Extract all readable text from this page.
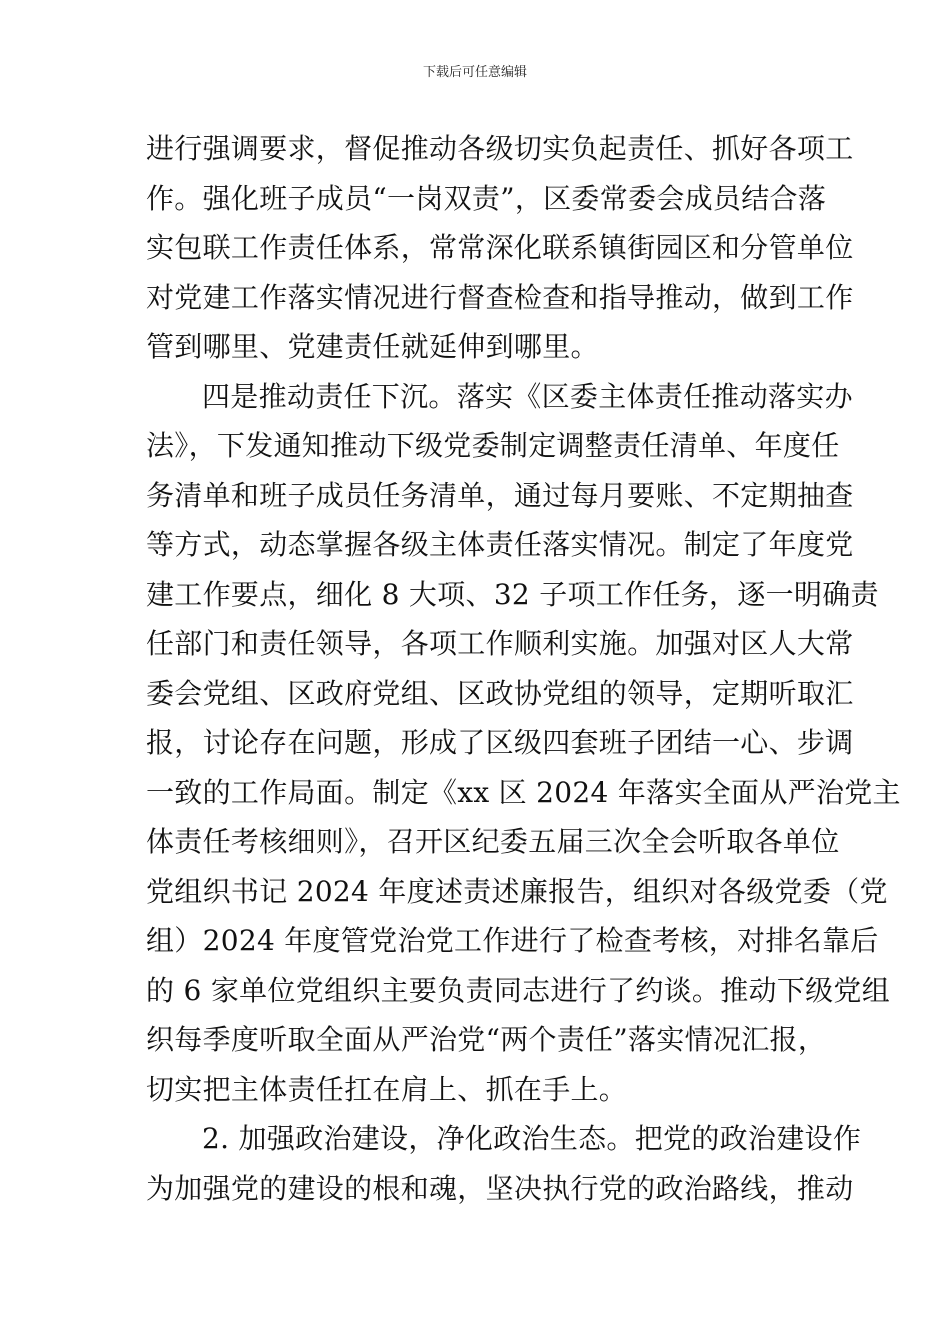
下载后可任意编辑
进行强调要求，督促推动各级切实负起责任、抓好各项工
作。强化班子成员“一岗双责”，区委常委会成员结合落
实包联工作责任体系，常常深化联系镇街园区和分管单位
对党建工作落实情况进行督查检查和指导推动，做到工作
管到哪里、党建责任就延伸到哪里。
四是推动责任下沉。落实《区委主体责任推动落实办
法》，下发通知推动下级党委制定调整责任清单、年度任
务清单和班子成员任务清单，通过每月要账、不定期抽查
等方式，动态掌握各级主体责任落实情况。制定了年度党
建工作要点，细化 8 大项、32 子项工作任务，逐一明确责
任部门和责任领导，各项工作顺利实施。加强对区人大常
委会党组、区政府党组、区政协党组的领导，定期听取汇
报，讨论存在问题，形成了区级四套班子团结一心、步调
一致的工作局面。制定《xx 区 2024 年落实全面从严治党主
体责任考核细则》，召开区纪委五届三次全会听取各单位
党组织书记 2024 年度述责述廉报告，组织对各级党委（党
组）2024 年度管党治党工作进行了检查考核，对排名靠后
的 6 家单位党组织主要负责同志进行了约谈。推动下级党组
织每季度听取全面从严治党“两个责任”落实情况汇报，
切实把主体责任扛在肩上、抓在手上。
2. 加强政治建设，净化政治生态。把党的政治建设作
为加强党的建设的根和魂，坚决执行党的政治路线，推动
